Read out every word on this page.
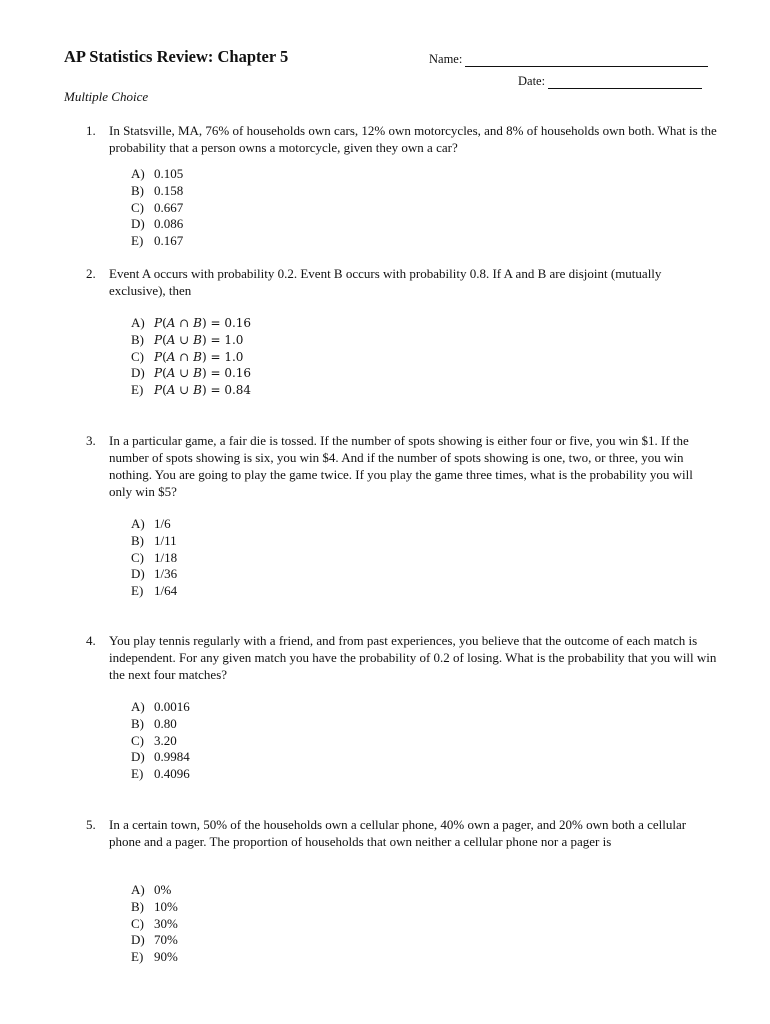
AP Statistics Review: Chapter 5	Name:
Date:
Multiple Choice
1. In Statsville, MA, 76% of households own cars, 12% own motorcycles, and 8% of households own both. What is the probability that a person owns a motorcycle, given they own a car?
A) 0.105
B) 0.158
C) 0.667
D) 0.086
E) 0.167
2. Event A occurs with probability 0.2. Event B occurs with probability 0.8. If A and B are disjoint (mutually exclusive), then
A) P(A ∩ B) = 0.16
B) P(A ∪ B) = 1.0
C) P(A ∩ B) = 1.0
D) P(A ∪ B) = 0.16
E) P(A ∪ B) = 0.84
3. In a particular game, a fair die is tossed. If the number of spots showing is either four or five, you win $1. If the number of spots showing is six, you win $4. And if the number of spots showing is one, two, or three, you win nothing. You are going to play the game twice. If you play the game three times, what is the probability you will only win $5?
A) 1/6
B) 1/11
C) 1/18
D) 1/36
E) 1/64
4. You play tennis regularly with a friend, and from past experiences, you believe that the outcome of each match is independent. For any given match you have the probability of 0.2 of losing. What is the probability that you will win the next four matches?
A) 0.0016
B) 0.80
C) 3.20
D) 0.9984
E) 0.4096
5. In a certain town, 50% of the households own a cellular phone, 40% own a pager, and 20% own both a cellular phone and a pager. The proportion of households that own neither a cellular phone nor a pager is
A) 0%
B) 10%
C) 30%
D) 70%
E) 90%
